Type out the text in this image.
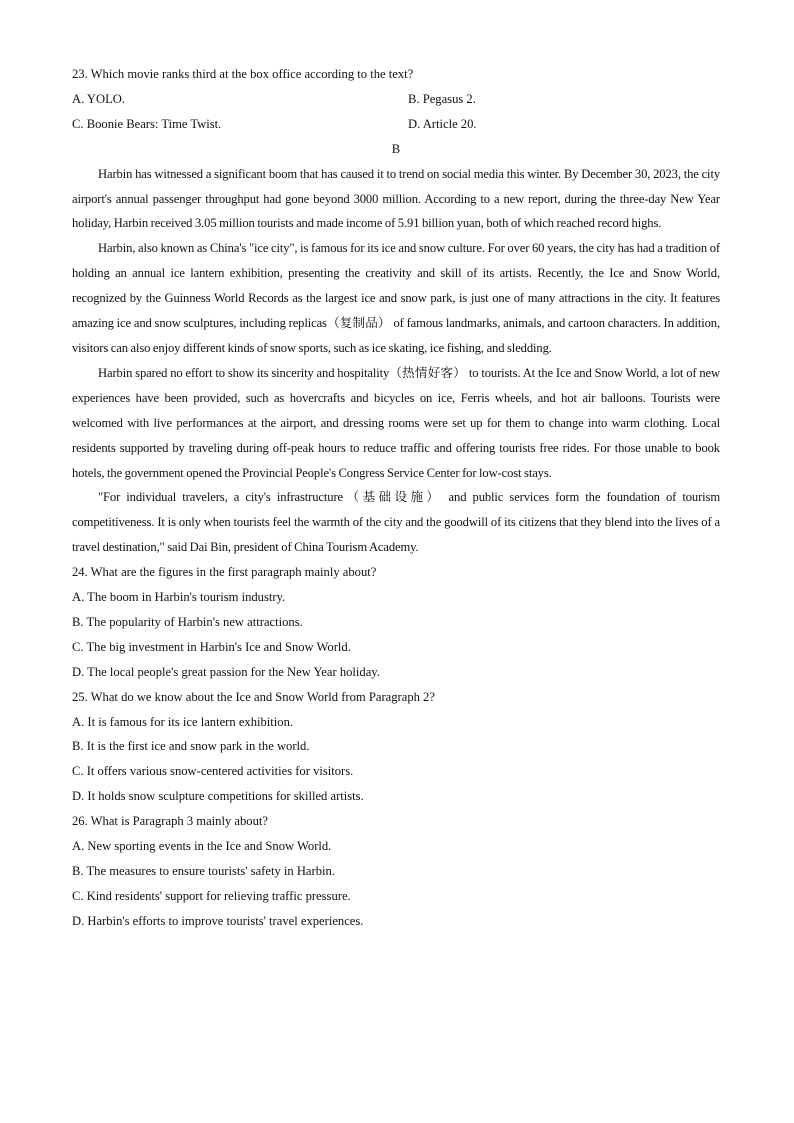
23. Which movie ranks third at the box office according to the text?

A. YOLO.	B. Pegasus 2.
C. Boonie Bears: Time Twist.	D. Article 20.

B

Harbin has witnessed a significant boom that has caused it to trend on social media this winter. By December 30, 2023, the city airport's annual passenger throughput had gone beyond 3000 million. According to a new report, during the three-day New Year holiday, Harbin received 3.05 million tourists and made income of 5.91 billion yuan, both of which reached record highs.

Harbin, also known as China's "ice city", is famous for its ice and snow culture. For over 60 years, the city has had a tradition of holding an annual ice lantern exhibition, presenting the creativity and skill of its artists. Recently, the Ice and Snow World, recognized by the Guinness World Records as the largest ice and snow park, is just one of many attractions in the city. It features amazing ice and snow sculptures, including replicas（复制品） of famous landmarks, animals, and cartoon characters. In addition, visitors can also enjoy different kinds of snow sports, such as ice skating, ice fishing, and sledding.

Harbin spared no effort to show its sincerity and hospitality（热情好客） to tourists. At the Ice and Snow World, a lot of new experiences have been provided, such as hovercrafts and bicycles on ice, Ferris wheels, and hot air balloons. Tourists were welcomed with live performances at the airport, and dressing rooms were set up for them to change into warm clothing. Local residents supported by traveling during off-peak hours to reduce traffic and offering tourists free rides. For those unable to book hotels, the government opened the Provincial People's Congress Service Center for low-cost stays.

"For individual travelers, a city's infrastructure（基础设施） and public services form the foundation of tourism competitiveness. It is only when tourists feel the warmth of the city and the goodwill of its citizens that they blend into the lives of a travel destination," said Dai Bin, president of China Tourism Academy.

24. What are the figures in the first paragraph mainly about?

A. The boom in Harbin's tourism industry.

B. The popularity of Harbin's new attractions.

C. The big investment in Harbin's Ice and Snow World.

D. The local people's great passion for the New Year holiday.

25. What do we know about the Ice and Snow World from Paragraph 2?

A. It is famous for its ice lantern exhibition.

B. It is the first ice and snow park in the world.

C. It offers various snow-centered activities for visitors.

D. It holds snow sculpture competitions for skilled artists.

26. What is Paragraph 3 mainly about?

A. New sporting events in the Ice and Snow World.

B. The measures to ensure tourists' safety in Harbin.

C. Kind residents' support for relieving traffic pressure.

D. Harbin's efforts to improve tourists' travel experiences.
